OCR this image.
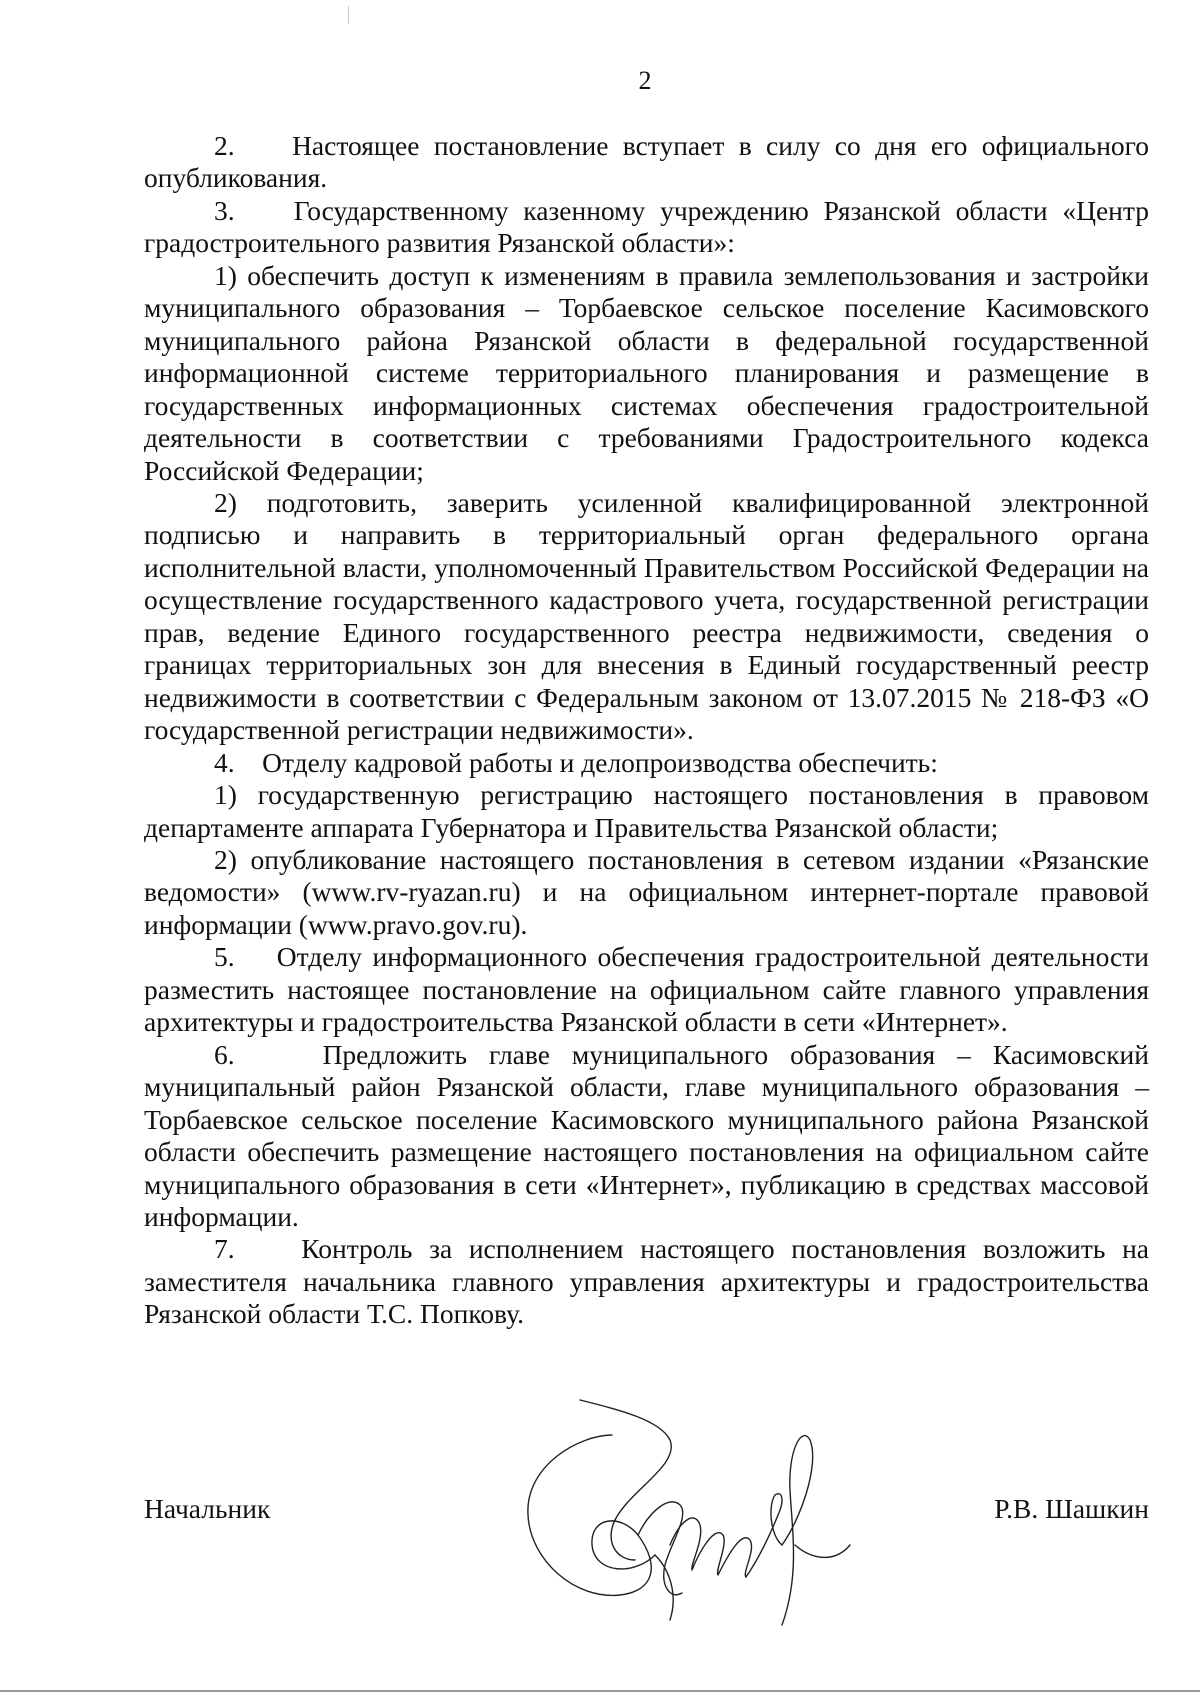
2

2.    Настоящее постановление вступает в силу со дня его официального опубликования.

3.    Государственному казенному учреждению Рязанской области «Центр градостроительного развития Рязанской области»:

1) обеспечить доступ к изменениям в правила землепользования и застройки муниципального образования – Торбаевское сельское поселение Касимовского муниципального района Рязанской области в федеральной государственной информационной системе территориального планирования и размещение в государственных информационных системах обеспечения градостроительной деятельности в соответствии с требованиями Градостроительного кодекса Российской Федерации;

2) подготовить, заверить усиленной квалифицированной электронной подписью и направить в территориальный орган федерального органа исполнительной власти, уполномоченный Правительством Российской Федерации на осуществление государственного кадастрового учета, государственной регистрации прав, ведение Единого государственного реестра недвижимости, сведения о границах территориальных зон для внесения в Единый государственный реестр недвижимости в соответствии с Федеральным законом от 13.07.2015 № 218-ФЗ «О государственной регистрации недвижимости».

4.    Отделу кадровой работы и делопроизводства обеспечить:

1) государственную регистрацию настоящего постановления в правовом департаменте аппарата Губернатора и Правительства Рязанской области;

2) опубликование настоящего постановления в сетевом издании «Рязанские ведомости» (www.rv-ryazan.ru) и на официальном интернет-портале правовой информации (www.pravo.gov.ru).

5.    Отделу информационного обеспечения градостроительной деятельности разместить настоящее постановление на официальном сайте главного управления архитектуры и градостроительства Рязанской области в сети «Интернет».

6.    Предложить главе муниципального образования – Касимовский муниципальный район Рязанской области, главе муниципального образования – Торбаевское сельское поселение Касимовского муниципального района Рязанской области обеспечить размещение настоящего постановления на официальном сайте муниципального образования в сети «Интернет», публикацию в средствах массовой информации.

7.    Контроль за исполнением настоящего постановления возложить на заместителя начальника главного управления архитектуры и градостроительства Рязанской области Т.С. Попкову.

Начальник	Р.В. Шашкин
